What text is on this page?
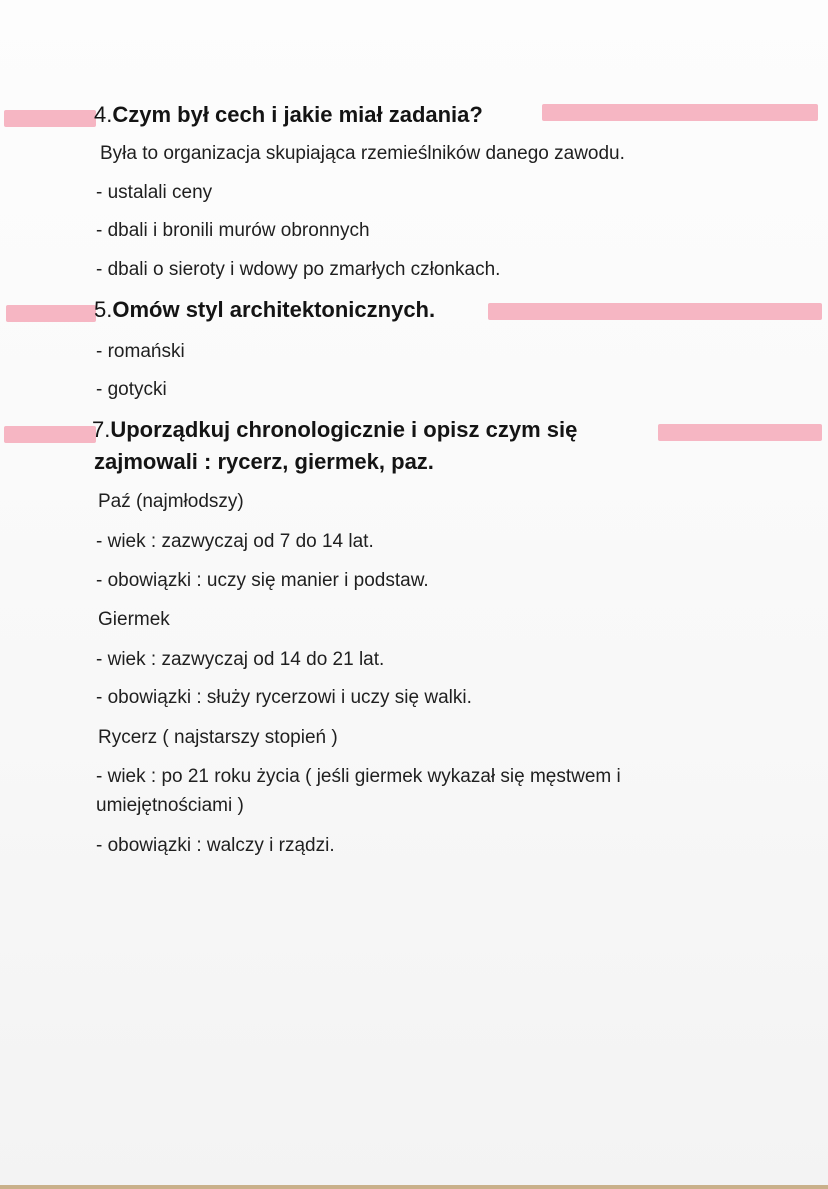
4.Czym był cech i jakie miał zadania?
Była to organizacja skupiająca rzemieślników danego zawodu.
- ustalali ceny
- dbali i bronili murów obronnych
- dbali o sieroty i wdowy po zmarłych członkach.
5.Omów styl architektonicznych.
- romański
- gotycki
7.Uporządkuj chronologicznie i opisz czym się
zajmowali : rycerz, giermek, paz.
Paź (najmłodszy)
- wiek : zazwyczaj od 7 do 14 lat.
- obowiązki : uczy się manier i podstaw.
Giermek
- wiek : zazwyczaj od 14 do 21 lat.
- obowiązki : służy rycerzowi i uczy się walki.
Rycerz ( najstarszy stopień )
- wiek : po 21 roku życia ( jeśli giermek wykazał się męstwem i
umiejętnościami )
- obowiązki : walczy i rządzi.
